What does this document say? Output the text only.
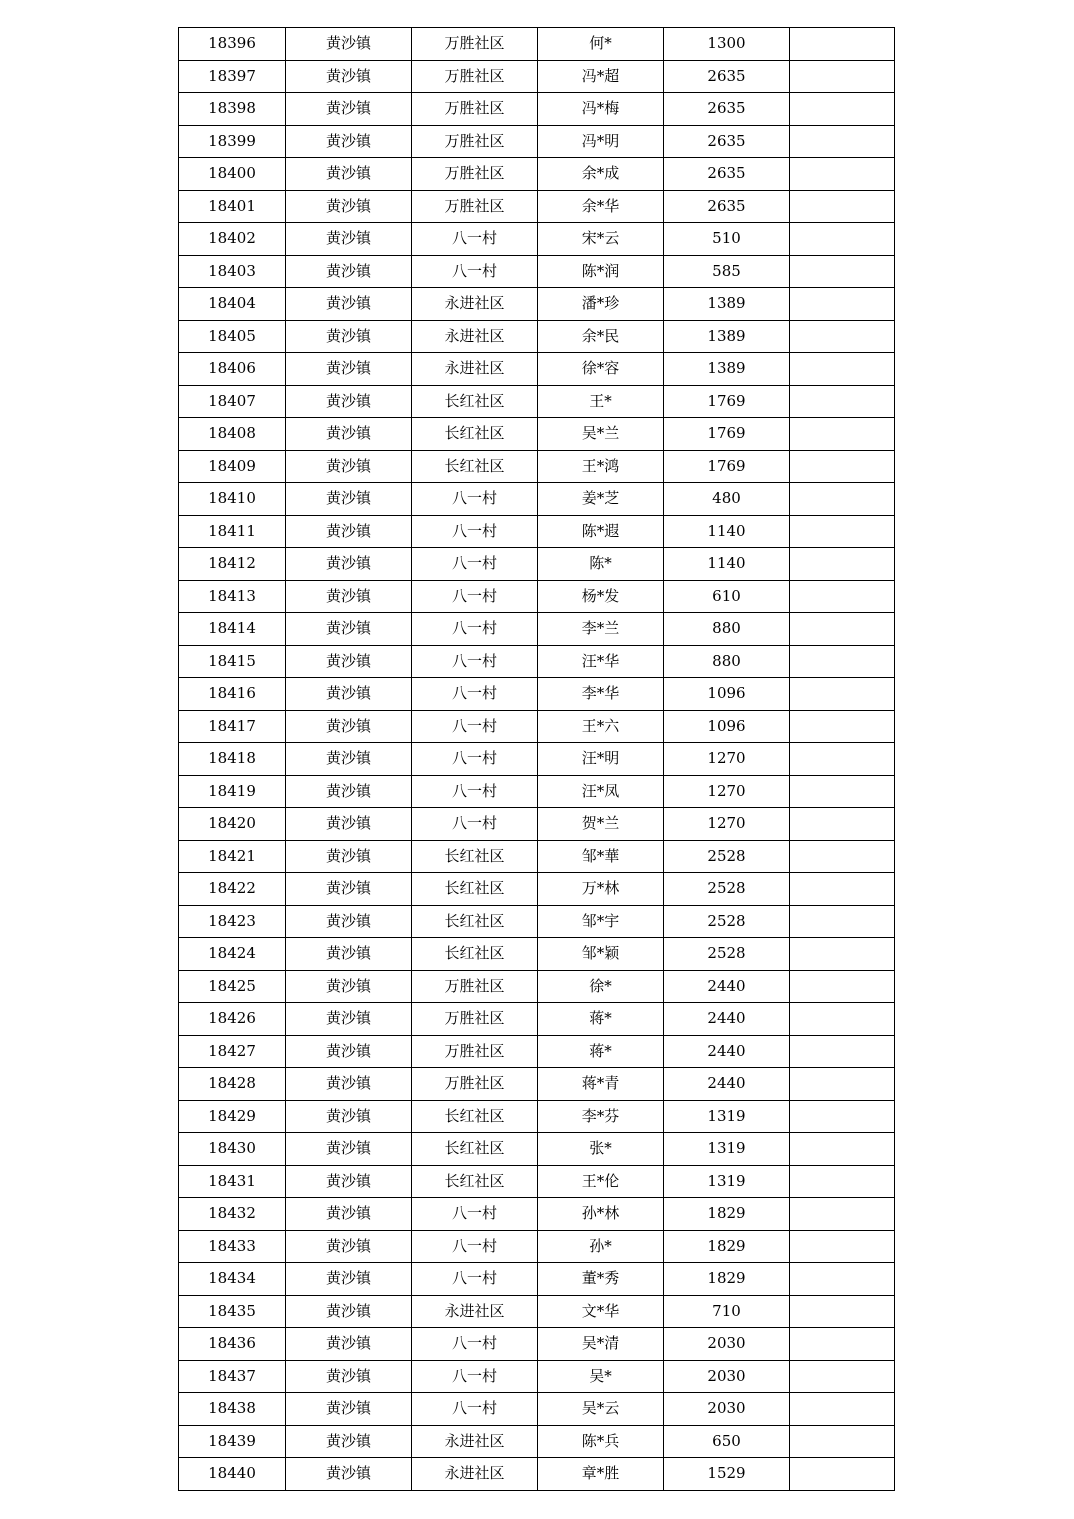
18396	黄沙镇	万胜社区	何*	1300	
18397	黄沙镇	万胜社区	冯*超	2635	
18398	黄沙镇	万胜社区	冯*梅	2635	
18399	黄沙镇	万胜社区	冯*明	2635	
18400	黄沙镇	万胜社区	余*成	2635	
18401	黄沙镇	万胜社区	余*华	2635	
18402	黄沙镇	八一村	宋*云	510	
18403	黄沙镇	八一村	陈*润	585	
18404	黄沙镇	永进社区	潘*珍	1389	
18405	黄沙镇	永进社区	余*民	1389	
18406	黄沙镇	永进社区	徐*容	1389	
18407	黄沙镇	长红社区	王*	1769	
18408	黄沙镇	长红社区	吴*兰	1769	
18409	黄沙镇	长红社区	王*鸿	1769	
18410	黄沙镇	八一村	姜*芝	480	
18411	黄沙镇	八一村	陈*遐	1140	
18412	黄沙镇	八一村	陈*	1140	
18413	黄沙镇	八一村	杨*发	610	
18414	黄沙镇	八一村	李*兰	880	
18415	黄沙镇	八一村	汪*华	880	
18416	黄沙镇	八一村	李*华	1096	
18417	黄沙镇	八一村	王*六	1096	
18418	黄沙镇	八一村	汪*明	1270	
18419	黄沙镇	八一村	汪*凤	1270	
18420	黄沙镇	八一村	贺*兰	1270	
18421	黄沙镇	长红社区	邹*華	2528	
18422	黄沙镇	长红社区	万*林	2528	
18423	黄沙镇	长红社区	邹*宇	2528	
18424	黄沙镇	长红社区	邹*颖	2528	
18425	黄沙镇	万胜社区	徐*	2440	
18426	黄沙镇	万胜社区	蒋*	2440	
18427	黄沙镇	万胜社区	蒋*	2440	
18428	黄沙镇	万胜社区	蒋*青	2440	
18429	黄沙镇	长红社区	李*芬	1319	
18430	黄沙镇	长红社区	张*	1319	
18431	黄沙镇	长红社区	王*伦	1319	
18432	黄沙镇	八一村	孙*林	1829	
18433	黄沙镇	八一村	孙*	1829	
18434	黄沙镇	八一村	董*秀	1829	
18435	黄沙镇	永进社区	文*华	710	
18436	黄沙镇	八一村	吴*清	2030	
18437	黄沙镇	八一村	吴*	2030	
18438	黄沙镇	八一村	吴*云	2030	
18439	黄沙镇	永进社区	陈*兵	650	
18440	黄沙镇	永进社区	章*胜	1529	
